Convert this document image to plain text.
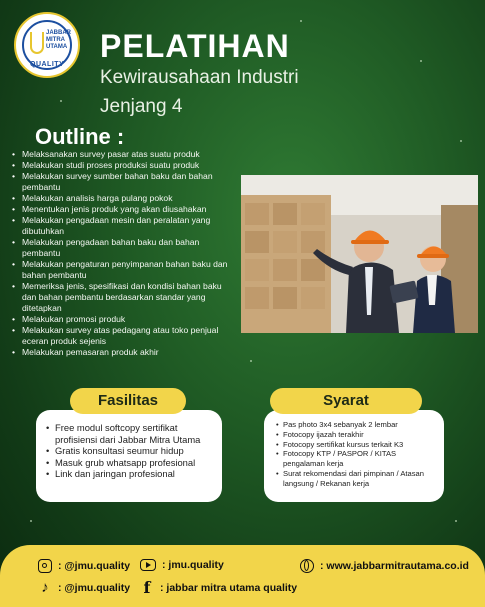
JABBAR
MITRA
UTAMA
QUALITY
PELATIHAN
Kewirausahaan Industri
Jenjang 4
Outline :
• Melaksanakan survey pasar atas suatu produk
• Melakukan studi proses produksi suatu produk
• Melakukan survey sumber bahan baku dan bahan pembantu
• Melakukan analisis harga pulang pokok
• Menentukan jenis produk yang akan diusahakan
• Melakukan pengadaan mesin dan peralatan yang dibutuhkan
• Melakukan pengadaan bahan baku dan bahan pembantu
• Melakukan pengaturan penyimpanan bahan baku dan bahan pembantu
• Memeriksa jenis, spesifikasi dan kondisi bahan baku dan bahan pembantu berdasarkan standar yang ditetapkan
• Melakukan promosi produk
• Melakukan survey atas pedagang atau toko penjual eceran produk sejenis
• Melakukan pemasaran produk akhir
• Free modul softcopy sertifikat profisiensi dari Jabbar Mitra Utama
• Gratis konsultasi seumur hidup
• Masuk grub whatsapp profesional
• Link dan jaringan profesional
Fasilitas
• Pas photo 3x4 sebanyak 2 lembar
• Fotocopy ijazah terakhir
• Fotocopy sertifikat kursus terkait K3
• Fotocopy KTP / PASPOR / KITAS pengalaman kerja
• Surat rekomendasi dari pimpinan / Atasan langsung / Rekanan kerja
Syarat
: @jmu.quality	: jmu.quality	: www.jabbarmitrautama.co.id
♪ : @jmu.quality f : jabbar mitra utama quality
